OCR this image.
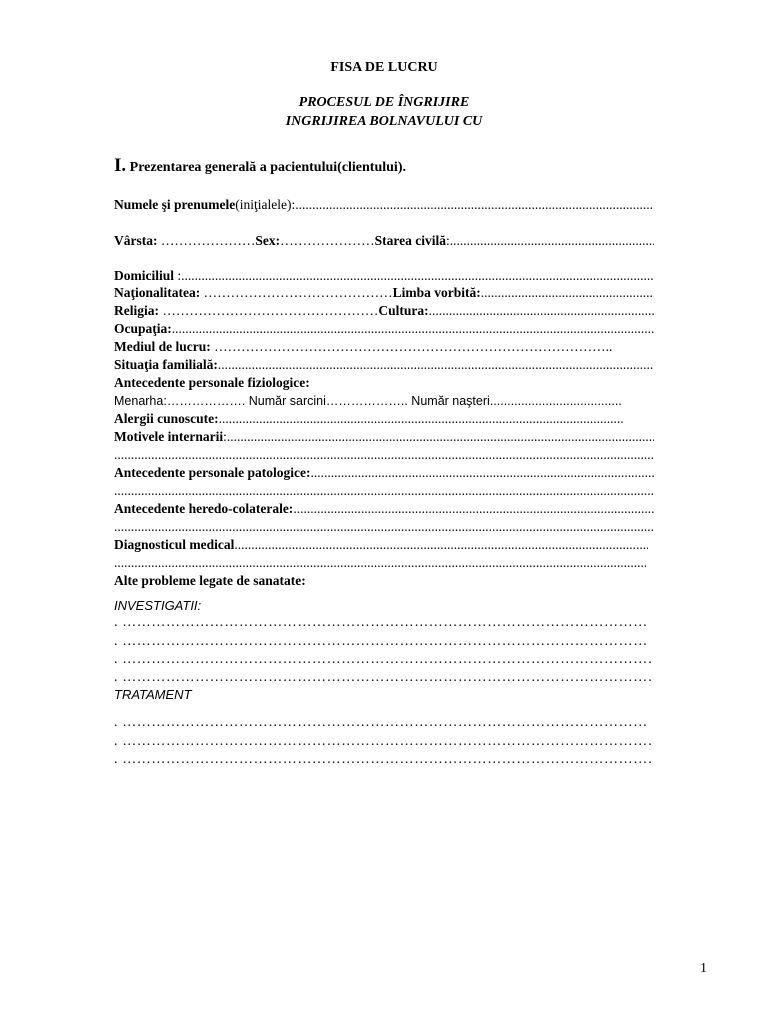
FISA DE LUCRU
PROCESUL DE ÎNGRIJIRE
INGRIJIREA BOLNAVULUI CU
I. Prezentarea generală a pacientului(clientului).
Numele şi prenumele(iniţialele): .....
Vârsta: …………………Sex:…………………Starea civilă: .....
Domiciliul : .....
Naţionalitatea: ……………………………………Limba vorbită: .....
Religia: …………………………………………Cultura: .....
Ocupaţia: .....
Mediul de lucru: ……………………………………………………………………………..
Situaţia familială: .....
Antecedente personale fiziologice:
Menarha:………………. Număr sarcini……………….. Număr naşteri.....
Alergii cunoscute:.....
Motivele internarii: .....
.....
Antecedente personale patologice: .....
.....
Antecedente heredo-colaterale: .....
.....
Diagnosticul medical .....
.....
Alte probleme legate de sanatate:
INVESTIGATII:
. ………………………………………………………………………………………………………………………………………………………………………………
. ………………………………………………………………………………………………………………………………………………………………………………
. ………………………………………………………………………………………………………………………………………………………………………………
. ………………………………………………………………………………………………………………………………………………………………………………
TRATAMENT
. ………………………………………………………………………………………………………………………………………………………………………………
. ………………………………………………………………………………………………………………………………………………………………………………
. ………………………………………………………………………………………………………………………………………………………………………………
1
